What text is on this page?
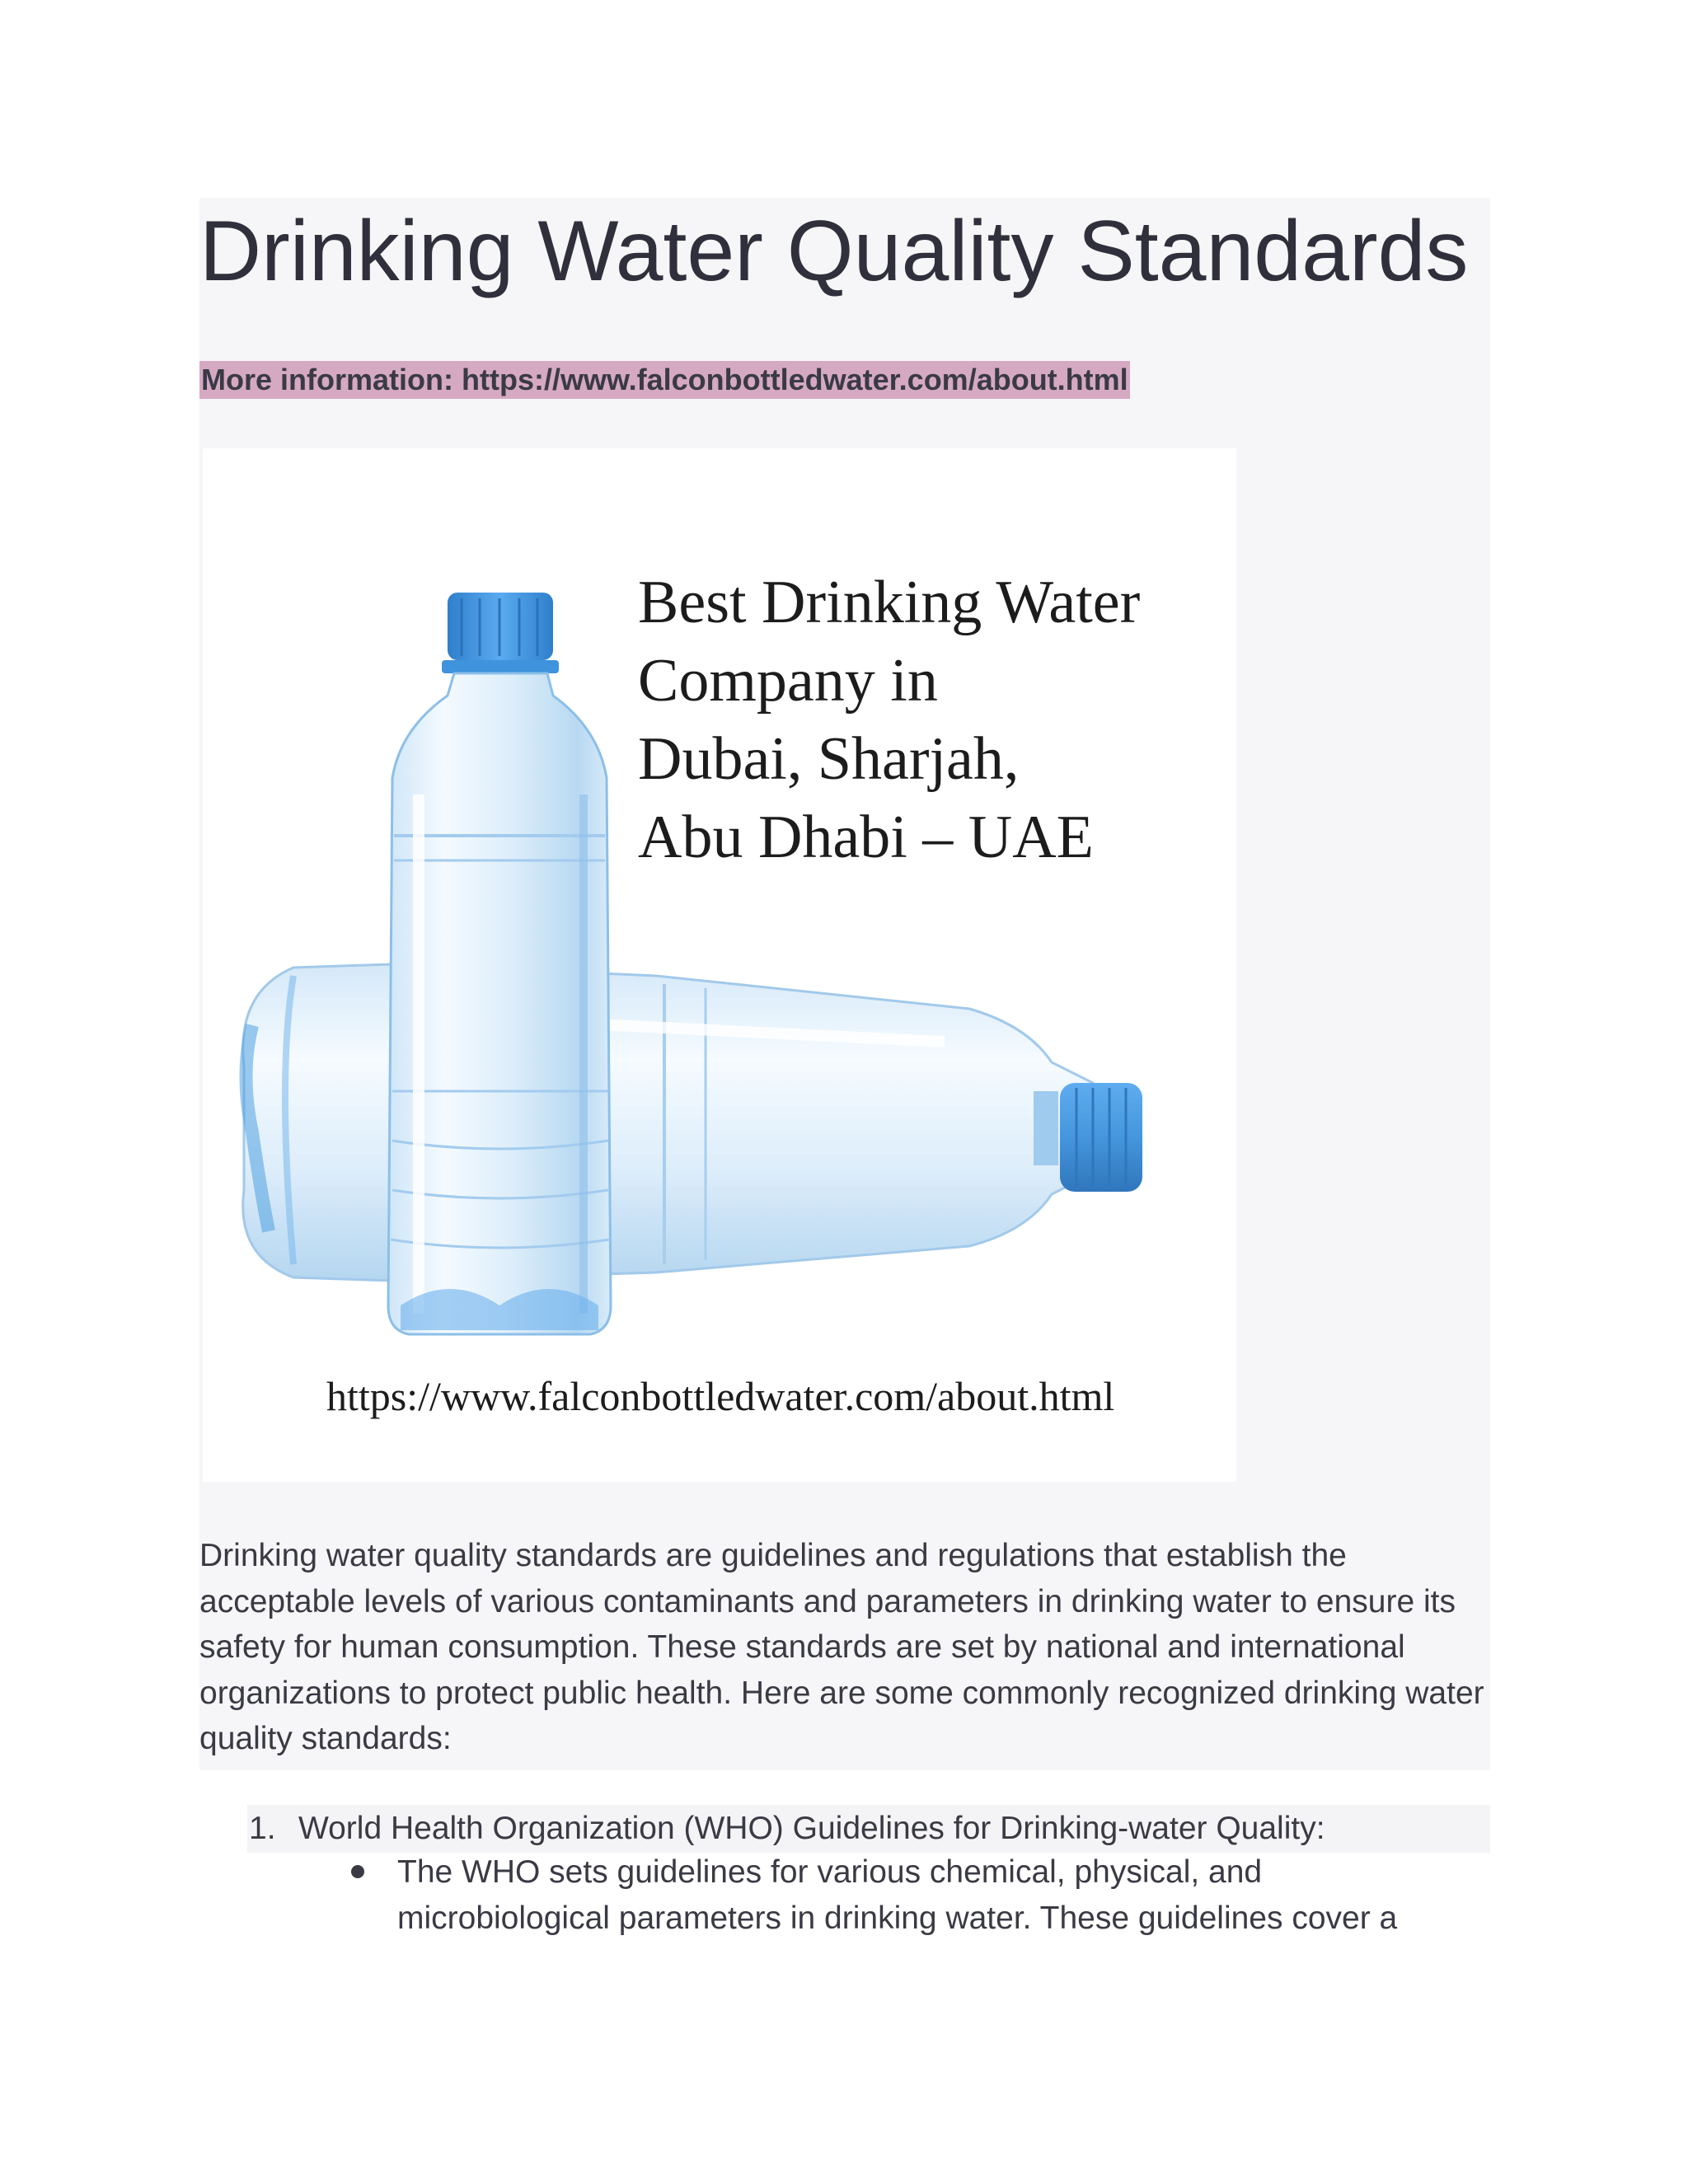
Drinking Water Quality Standards
More information: https://www.falconbottledwater.com/about.html
Best Drinking Water
Company in
Dubai, Sharjah,
Abu Dhabi – UAE
https://www.falconbottledwater.com/about.html

Drinking water quality standards are guidelines and regulations that establish the acceptable levels of various contaminants and parameters in drinking water to ensure its safety for human consumption. These standards are set by national and international organizations to protect public health. Here are some commonly recognized drinking water quality standards:

1. World Health Organization (WHO) Guidelines for Drinking-water Quality:

The WHO sets guidelines for various chemical, physical, and microbiological parameters in drinking water. These guidelines cover a
